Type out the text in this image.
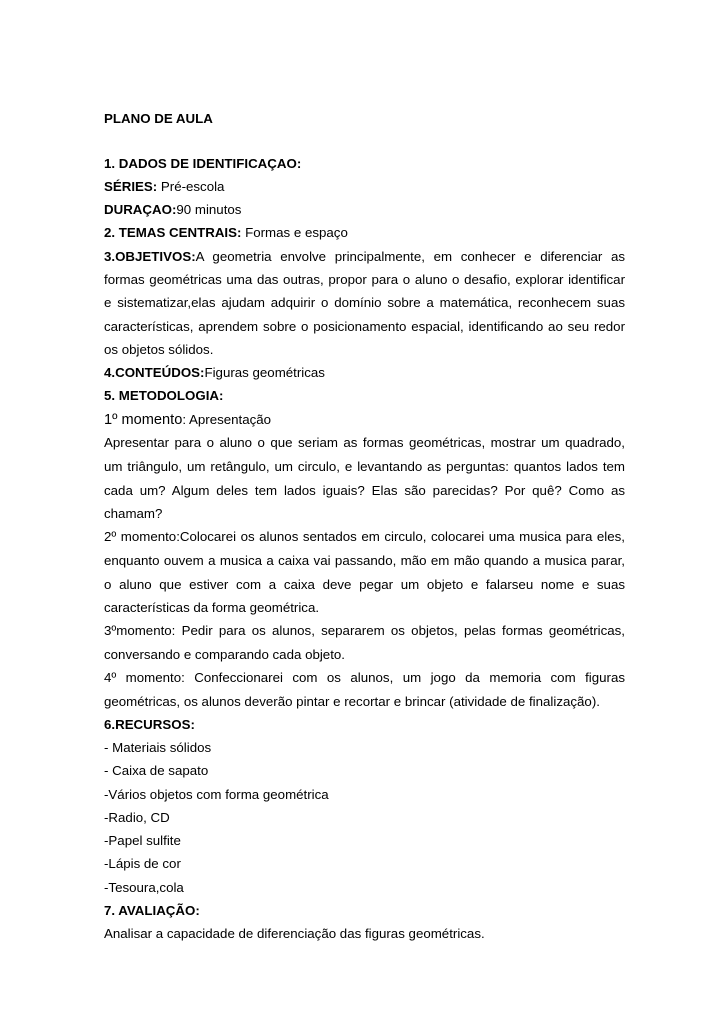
PLANO DE AULA
1. DADOS DE IDENTIFICAÇAO:
SÉRIES: Pré-escola
DURAÇAO:90 minutos
2. TEMAS CENTRAIS: Formas e espaço
3.OBJETIVOS:A geometria envolve principalmente, em conhecer e diferenciar as
formas geométricas uma das outras, propor para o aluno o desafio, explorar identificar
e sistematizar,elas ajudam adquirir o domínio sobre a matemática, reconhecem suas
características, aprendem sobre o posicionamento espacial, identificando ao seu redor
os objetos sólidos.
4.CONTEÚDOS:Figuras geométricas
5. METODOLOGIA:
1º momento: Apresentação
Apresentar para o aluno o que seriam as formas geométricas, mostrar um quadrado,
um triângulo, um retângulo, um circulo, e levantando as perguntas: quantos lados tem
cada um? Algum deles tem lados iguais? Elas são parecidas? Por quê? Como as
chamam?
2º momento:Colocarei os alunos sentados em circulo, colocarei uma musica para eles,
enquanto ouvem a musica a caixa vai passando, mão em mão quando a musica parar,
o aluno que estiver com a caixa deve pegar um objeto e falarseu nome e suas
características da forma geométrica.
3ºmomento: Pedir para os alunos, separarem os objetos, pelas formas geométricas,
conversando e comparando cada objeto.
4º momento: Confeccionarei com os alunos, um jogo da memoria com figuras
geométricas, os alunos deverão pintar e recortar e brincar (atividade de finalização).
6.RECURSOS:
- Materiais sólidos
- Caixa de sapato
-Vários objetos com forma geométrica
-Radio, CD
-Papel sulfite
-Lápis de cor
-Tesoura,cola
7. AVALIAÇÃO:
Analisar a capacidade de diferenciação das figuras geométricas.
